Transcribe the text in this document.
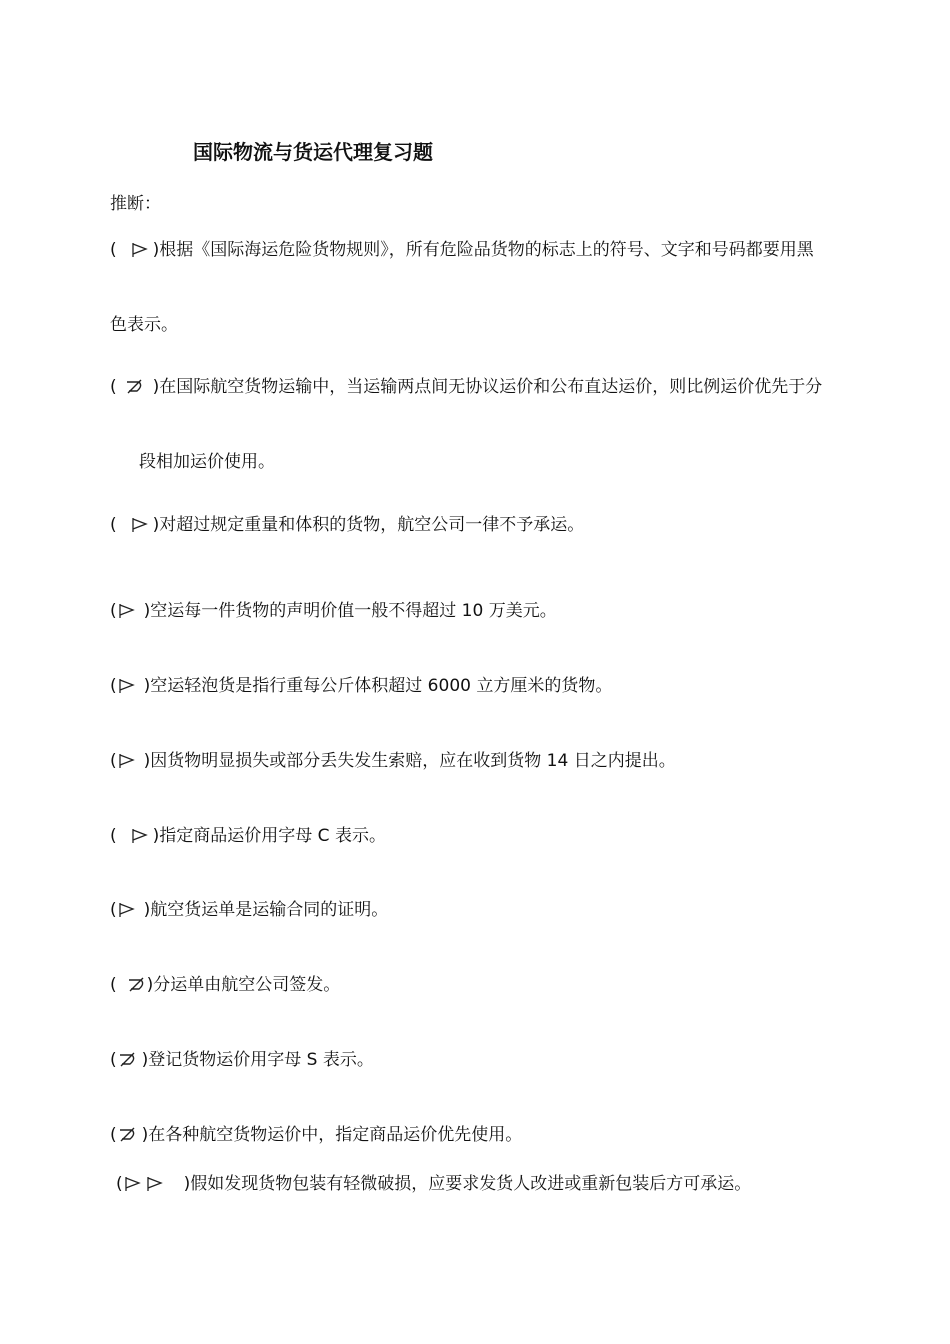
国际物流与货运代理复习题
推断：
( ) 根据《国际海运危险货物规则》，所有危险品货物的标志上的符号、文字和号码都要用黑
色表示。
( ) 在国际航空货物运输中，当运输两点间无协议运价和公布直达运价，则比例运价优先于分
段相加运价使用。
( ) 对超过规定重量和体积的货物，航空公司一律不予承运。
( ) 空运每一件货物的声明价值一般不得超过 10 万美元。
( ) 空运轻泡货是指行重每公斤体积超过 6000 立方厘米的货物。
( ) 因货物明显损失或部分丢失发生索赔，应在收到货物 14 日之内提出。
( ) 指定商品运价用字母 C 表示。
( ) 航空货运单是运输合同的证明。
( ) 分运单由航空公司签发。
( ) 登记货物运价用字母 S 表示。
( ) 在各种航空货物运价中，指定商品运价优先使用。
(	) 假如发现货物包装有轻微破损，应要求发货人改进或重新包装后方可承运。
